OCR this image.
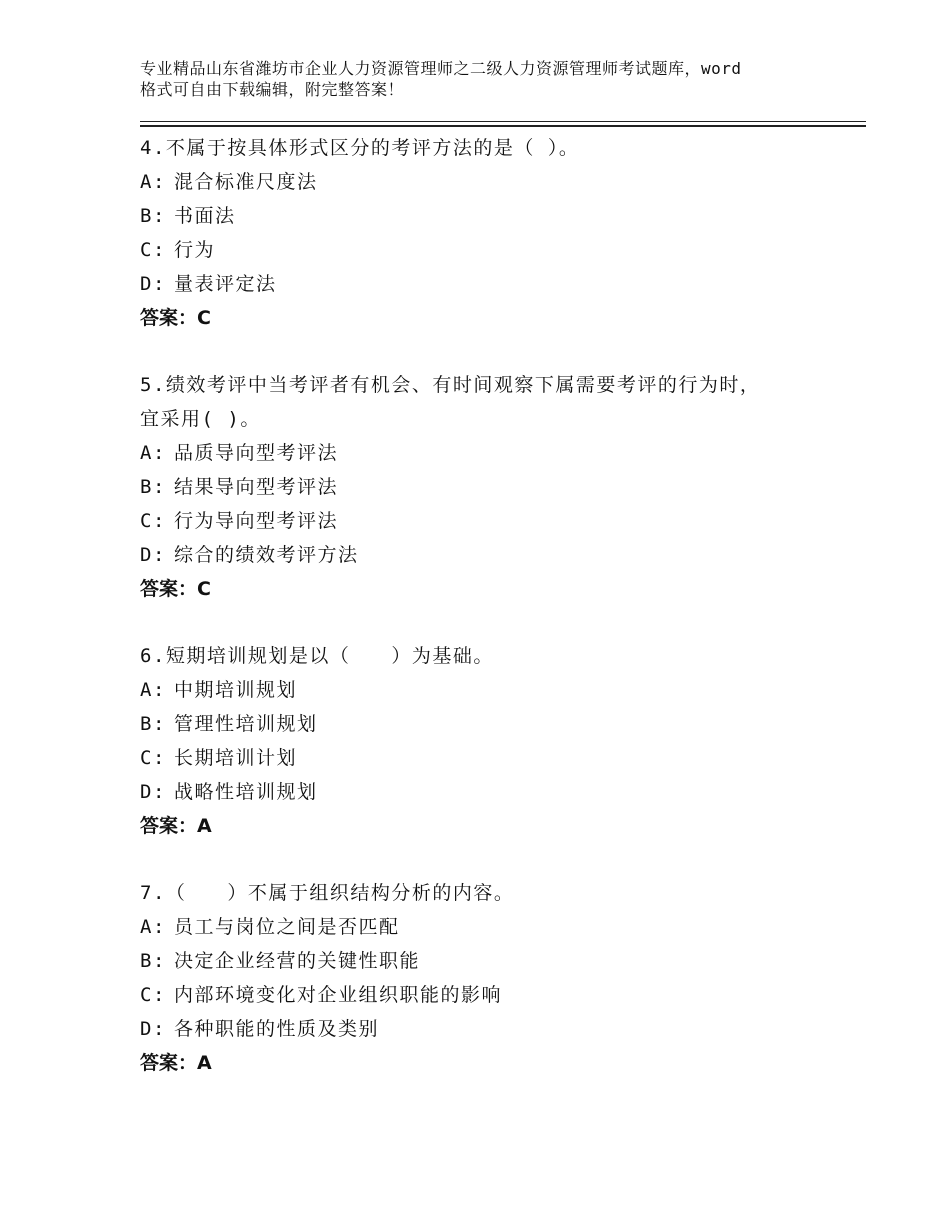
专业精品山东省潍坊市企业人力资源管理师之二级人力资源管理师考试题库，word
格式可自由下载编辑，附完整答案！
4.不属于按具体形式区分的考评方法的是（ ）。
A: 混合标准尺度法
B: 书面法
C: 行为
D: 量表评定法
答案：C
5.绩效考评中当考评者有机会、有时间观察下属需要考评的行为时，
宜采用( )。
A: 品质导向型考评法
B: 结果导向型考评法
C: 行为导向型考评法
D: 综合的绩效考评方法
答案：C
6.短期培训规划是以（　　）为基础。
A: 中期培训规划
B: 管理性培训规划
C: 长期培训计划
D: 战略性培训规划
答案：A
7.（　　）不属于组织结构分析的内容。
A: 员工与岗位之间是否匹配
B: 决定企业经营的关键性职能
C: 内部环境变化对企业组织职能的影响
D: 各种职能的性质及类别
答案：A
